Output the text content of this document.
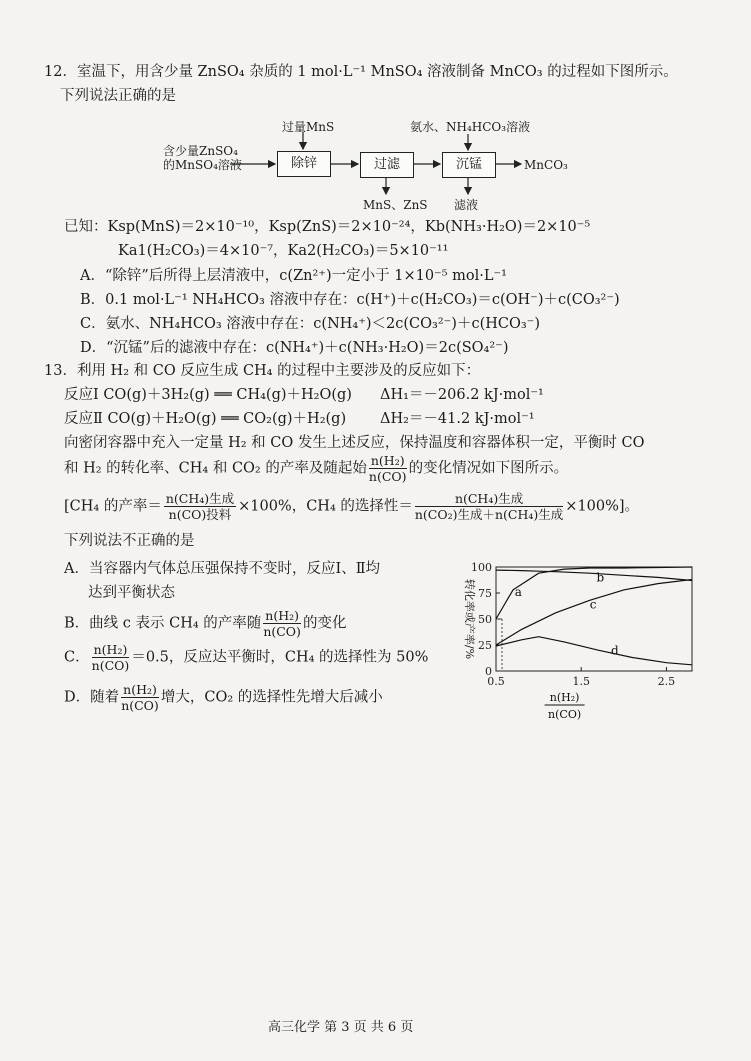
12．室温下，用含少量 ZnSO₄ 杂质的 1 mol·L⁻¹ MnSO₄ 溶液制备 MnCO₃ 的过程如下图所示。
下列说法正确的是
含少量ZnSO₄
的MnSO₄溶液
过量MnS	氨水、NH₄HCO₃溶液
除锌	过滤	沉锰
MnS、ZnS 滤液
MnCO₃
已知：Ksp(MnS)＝2×10⁻¹⁰，Ksp(ZnS)＝2×10⁻²⁴，Kb(NH₃·H₂O)＝2×10⁻⁵
Ka1(H₂CO₃)＝4×10⁻⁷，Ka2(H₂CO₃)＝5×10⁻¹¹
A．“除锌”后所得上层清液中，c(Zn²⁺)一定小于 1×10⁻⁵ mol·L⁻¹
B．0.1 mol·L⁻¹ NH₄HCO₃ 溶液中存在：c(H⁺)＋c(H₂CO₃)＝c(OH⁻)＋c(CO₃²⁻)
C．氨水、NH₄HCO₃ 溶液中存在：c(NH₄⁺)＜2c(CO₃²⁻)＋c(HCO₃⁻)
D．“沉锰”后的滤液中存在：c(NH₄⁺)＋c(NH₃·H₂O)＝2c(SO₄²⁻)
13．利用 H₂ 和 CO 反应生成 CH₄ 的过程中主要涉及的反应如下：
反应Ⅰ CO(g)＋3H₂(g) ══ CH₄(g)＋H₂O(g) ΔH₁＝－206.2 kJ·mol⁻¹
反应Ⅱ CO(g)＋H₂O(g) ══ CO₂(g)＋H₂(g) ΔH₂＝－41.2 kJ·mol⁻¹
向密闭容器中充入一定量 H₂ 和 CO 发生上述反应，保持温度和容器体积一定，平衡时 CO
和 H₂ 的转化率、CH₄ 和 CO₂ 的产率及随起始 $\frac{\text{n(H₂)}}{n(CO)}$ 的变化情况如下图所示。
[CH₄ 的产率＝ $\frac{\text{n(CH₄)生成}}{\text{n(CO)投料}} \times 100\%$，CH₄ 的选择性＝ $\frac{\text{n(CH₄)生成}}{\text{n(CO₂)生成＋n(CH₄)生成}} \times 100\%$]。
下列说法不正确的是
A．当容器内气体总压强保持不变时，反应Ⅰ、Ⅱ均
达到平衡状态
B．曲线 c 表示 CH₄ 的产率随 $\frac{\text{n(H₂)}}{n(CO)}$ 的变化
C． $\frac{\text{n(H₂)}}{n(CO)} =0.5$，反应达平衡时，CH₄ 的选择性为 50%
D．随着 $\frac{\text{n(H₂)}}{n(CO)}$ 增大，CO₂ 的选择性先增大后减小
0
25
50
75
100
0.5	1.5	2.5
a
b
c
d
转化率或产率/%
n(H₂)
n(CO)
高三化学 第 3 页 共 6 页
